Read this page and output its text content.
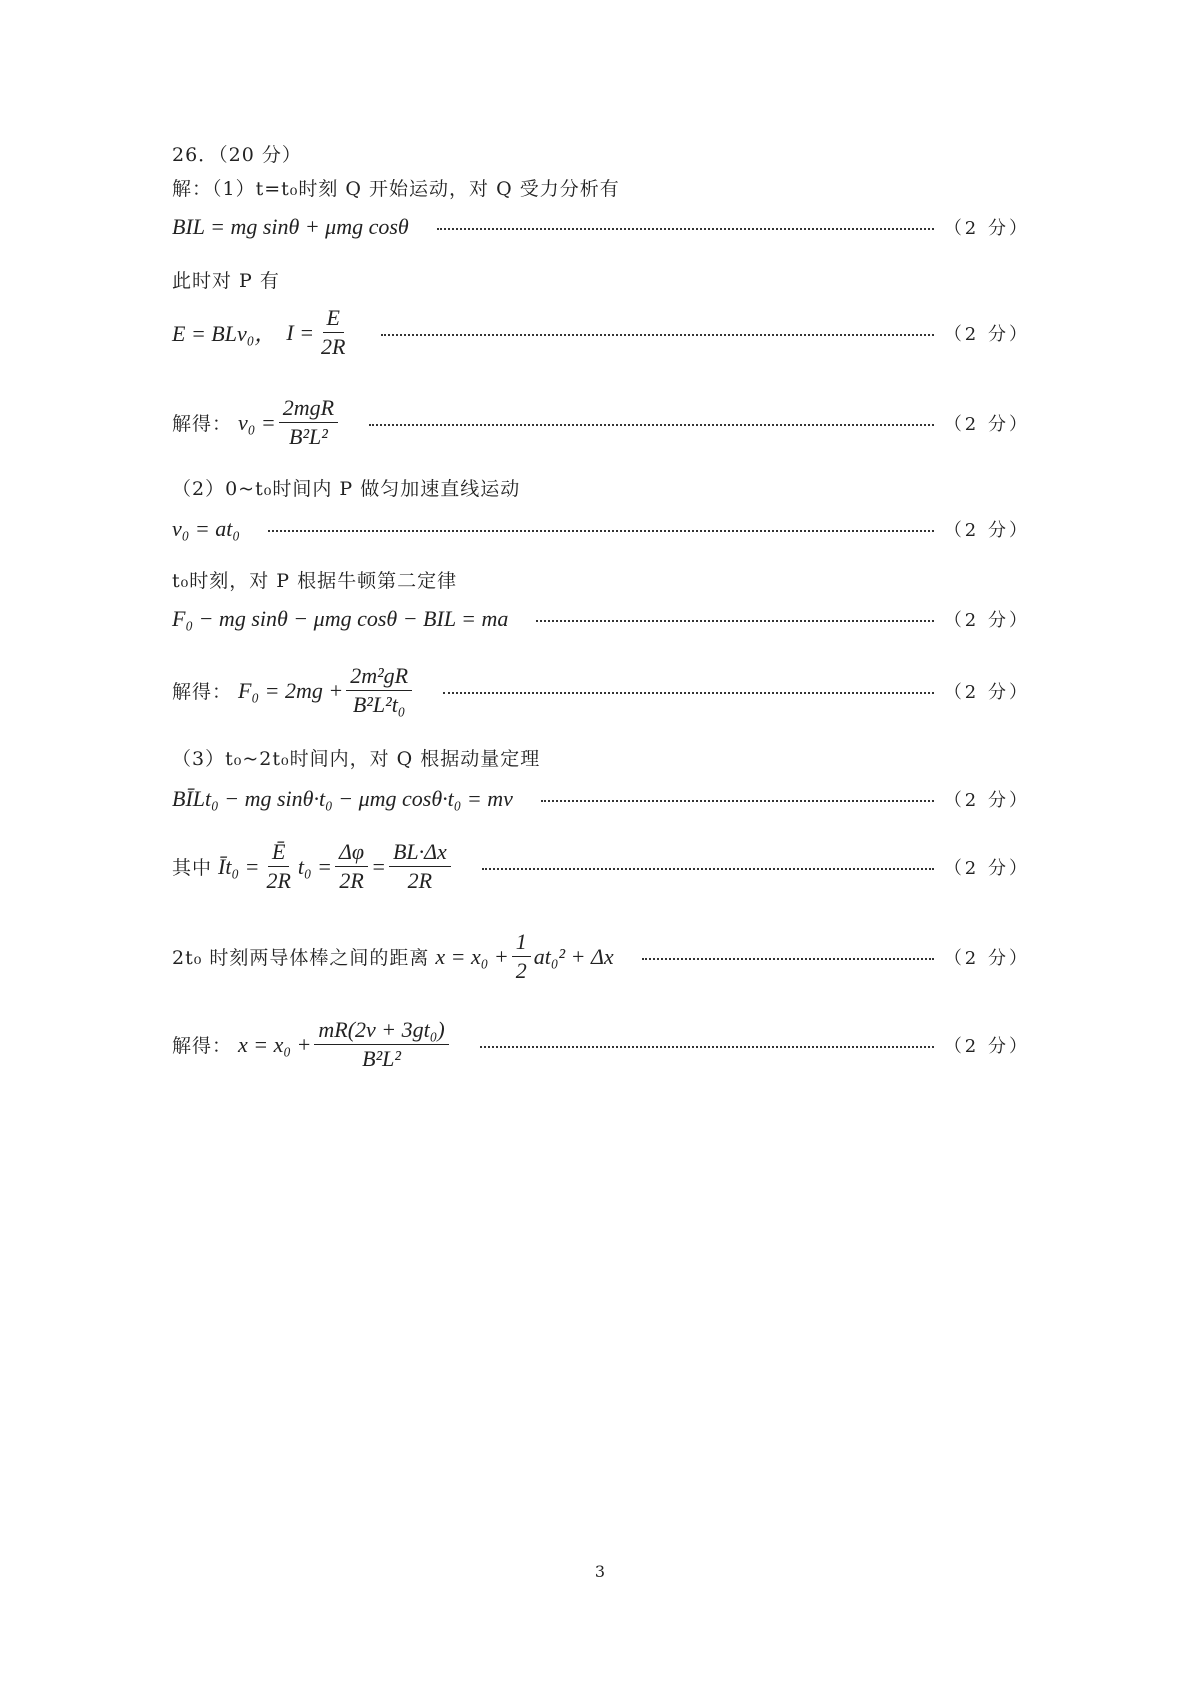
26．（20 分）
解：（1）t=t₀时刻 Q 开始运动，对 Q 受力分析有
BIL = mg sinθ + μmg cosθ	（2 分）
此时对 P 有
E = BLv₀， $I = \frac{E}{2R}$	（2 分）
解得： $v_0 = \frac{\text{2mgR}}{\text{B²L²}}$	（2 分）
（2）0~t₀时间内 P 做匀加速直线运动
v₀ = at₀	（2 分）
t₀时刻，对 P 根据牛顿第二定律
F₀ − mg sinθ − μmg cosθ − BIL = ma	（2 分）
解得： $F_0 = 2mg + \frac{\text{2m²gR}}{\text{B²L²t₀}}$	（2 分）
（3）t₀~2t₀时间内，对 Q 根据动量定理
BĪLt₀ − mg sinθ·t₀ − μmg cosθ·t₀ = mv	（2 分）
其中 Īt₀ = $\frac{Ē}{2R} t_0 = \frac{\Delta\varphi}{2R} = \frac{BL\cdot\Delta x}{2R}$	（2 分）
2t₀ 时刻两导体棒之间的距离 $x = x_0 + \frac{1}{2} at_0^2 + \Delta x$	（2 分）
解得： $x = x_0 + \frac{\text{mR(2v + 3gt₀)}}{\text{B²L²}}$	（2 分）
3
